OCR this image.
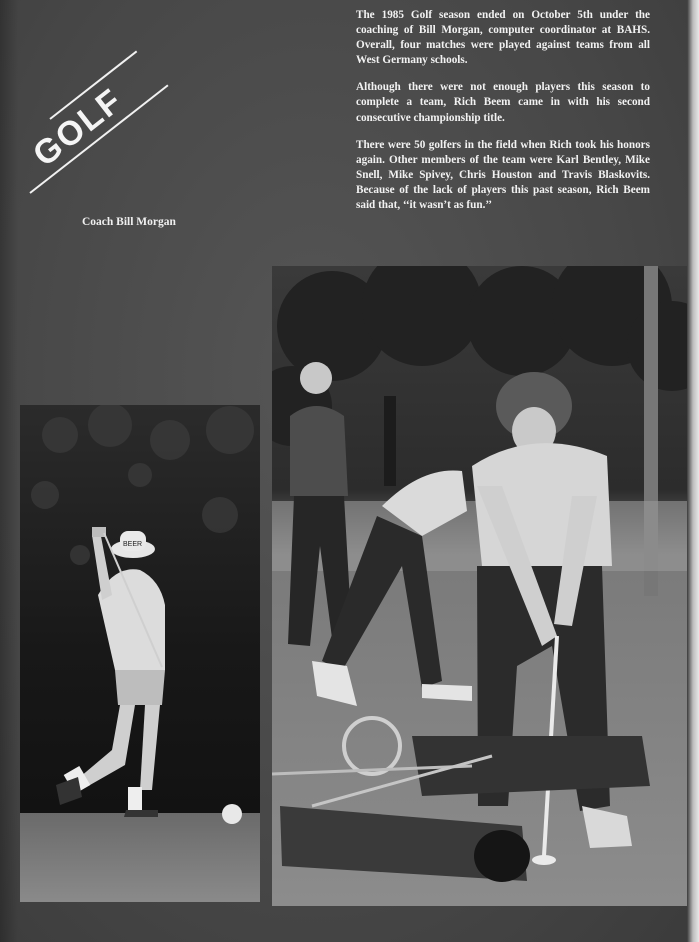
GOLF
Coach Bill Morgan

The 1985 Golf season ended on October 5th under the coaching of Bill Morgan, computer coordinator at BAHS. Overall, four matches were played against teams from all West Germany schools.

Although there were not enough players this season to complete a team, Rich Beem came in with his second consecutive championship title.

There were 50 golfers in the field when Rich took his honors again. Other members of the team were Karl Bentley, Mike Snell, Mike Spivey, Chris Houston and Travis Blaskovits. Because of the lack of players this past season, Rich Beem said that, ‘‘it wasn’t as fun.’’

BEER
